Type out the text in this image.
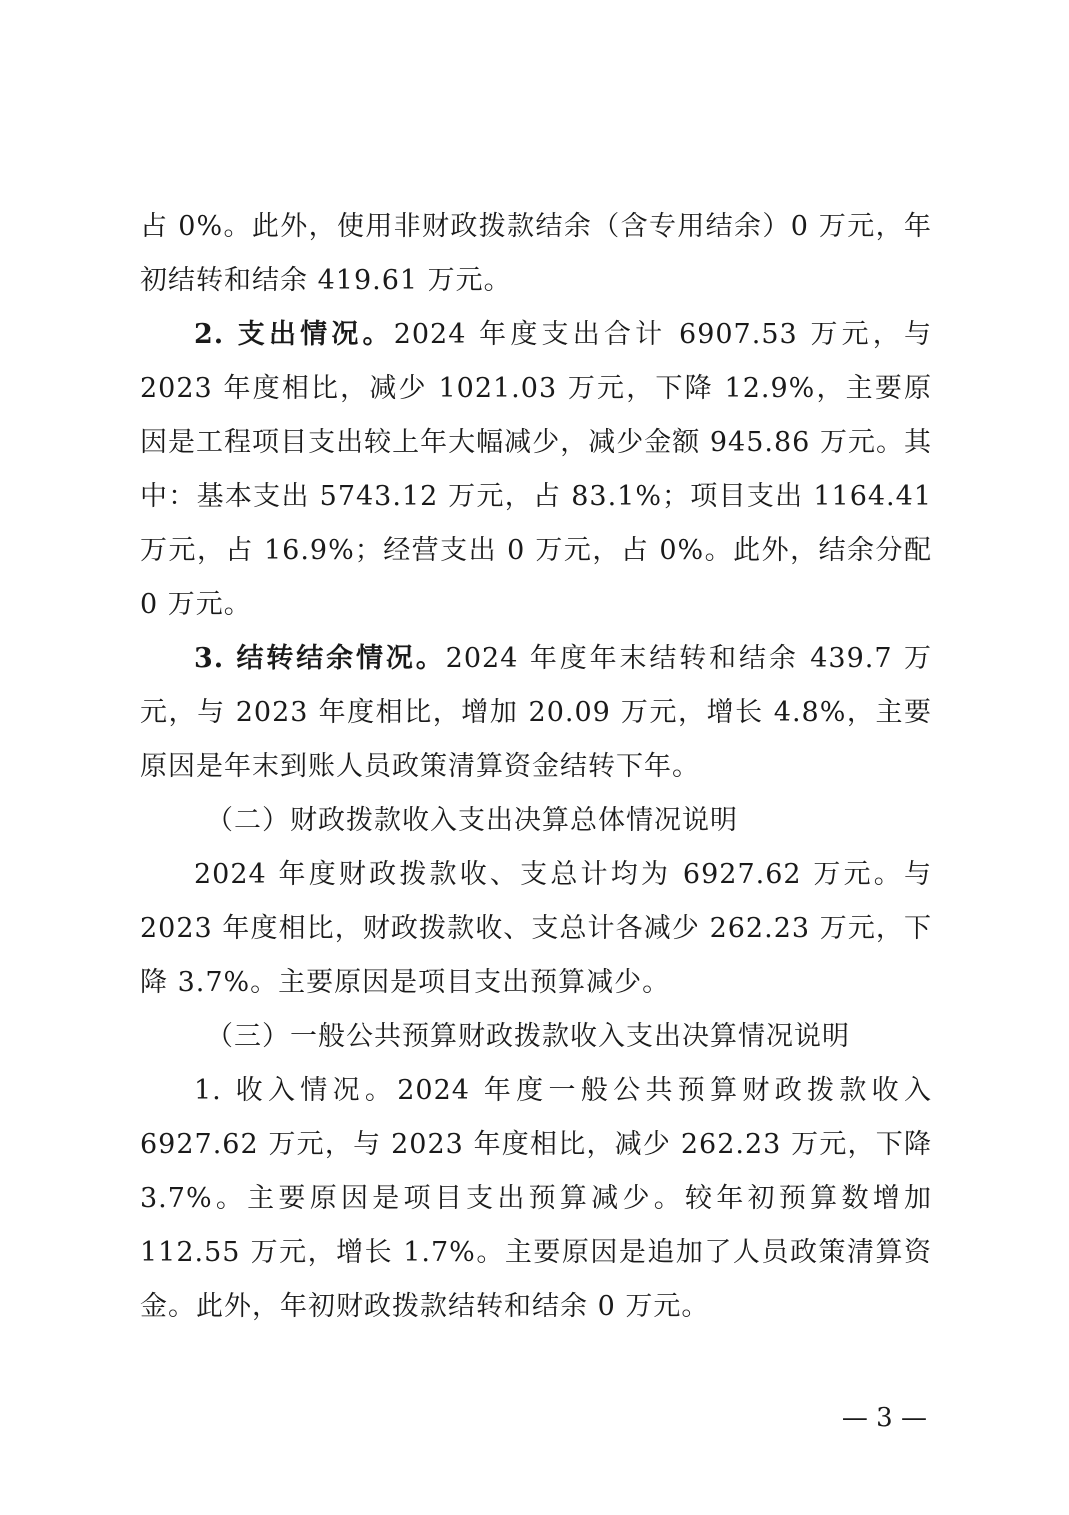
占 0%。此外，使用非财政拨款结余（含专用结余）0 万元，年初结转和结余 419.61 万元。

2. 支出情况。2024 年度支出合计 6907.53 万元，与 2023 年度相比，减少 1021.03 万元，下降 12.9%，主要原因是工程项目支出较上年大幅减少，减少金额 945.86 万元。其中：基本支出 5743.12 万元，占 83.1%；项目支出 1164.41 万元，占 16.9%；经营支出 0 万元，占 0%。此外，结余分配 0 万元。

3. 结转结余情况。2024 年度年末结转和结余 439.7 万元，与 2023 年度相比，增加 20.09 万元，增长 4.8%，主要原因是年末到账人员政策清算资金结转下年。

（二）财政拨款收入支出决算总体情况说明

2024 年度财政拨款收、支总计均为 6927.62 万元。与 2023 年度相比，财政拨款收、支总计各减少 262.23 万元，下降 3.7%。主要原因是项目支出预算减少。

（三）一般公共预算财政拨款收入支出决算情况说明

1. 收入情况。2024 年度一般公共预算财政拨款收入 6927.62 万元，与 2023 年度相比，减少 262.23 万元，下降 3.7%。主要原因是项目支出预算减少。较年初预算数增加 112.55 万元，增长 1.7%。主要原因是追加了人员政策清算资金。此外，年初财政拨款结转和结余 0 万元。

— 3 —
